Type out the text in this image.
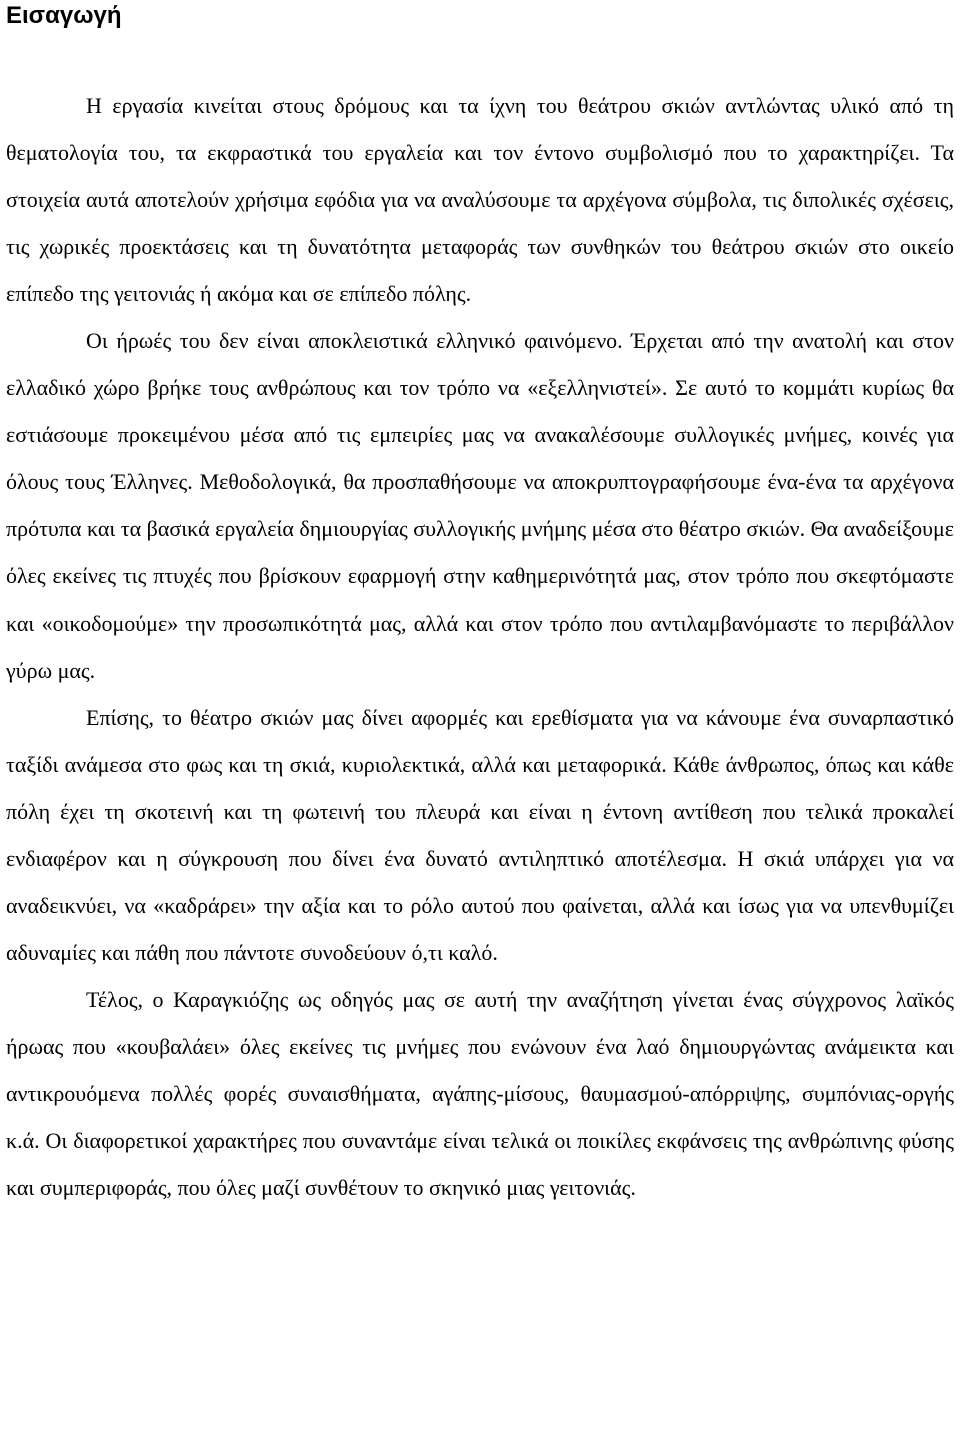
Εισαγωγή

Η εργασία κινείται στους δρόμους και τα ίχνη του θεάτρου σκιών αντλώντας υλικό από τη θεματολογία του, τα εκφραστικά του εργαλεία και τον έντονο συμβολισμό που το χαρακτηρίζει. Τα στοιχεία αυτά αποτελούν χρήσιμα εφόδια για να αναλύσουμε τα αρχέγονα σύμβολα, τις διπολικές σχέσεις, τις χωρικές προεκτάσεις και τη δυνατότητα μεταφοράς των συνθηκών του θεάτρου σκιών στο οικείο επίπεδο της γειτονιάς ή ακόμα και σε επίπεδο πόλης.

Οι ήρωές του δεν είναι αποκλειστικά ελληνικό φαινόμενο. Έρχεται από την ανατολή και στον ελλαδικό χώρο βρήκε τους ανθρώπους και τον τρόπο να «εξελληνιστεί». Σε αυτό το κομμάτι κυρίως θα εστιάσουμε προκειμένου μέσα από τις εμπειρίες μας να ανακαλέσουμε συλλογικές μνήμες, κοινές για όλους τους Έλληνες. Μεθοδολογικά, θα προσπαθήσουμε να αποκρυπτογραφήσουμε ένα-ένα τα αρχέγονα πρότυπα και τα βασικά εργαλεία δημιουργίας συλλογικής μνήμης μέσα στο θέατρο σκιών. Θα αναδείξουμε όλες εκείνες τις πτυχές που βρίσκουν εφαρμογή στην καθημερινότητά μας, στον τρόπο που σκεφτόμαστε και «οικοδομούμε» την προσωπικότητά μας, αλλά και στον τρόπο που αντιλαμβανόμαστε το περιβάλλον γύρω μας.

Επίσης, το θέατρο σκιών μας δίνει αφορμές και ερεθίσματα για να κάνουμε ένα συναρπαστικό ταξίδι ανάμεσα στο φως και τη σκιά, κυριολεκτικά, αλλά και μεταφορικά. Κάθε άνθρωπος, όπως και κάθε πόλη έχει τη σκοτεινή και τη φωτεινή του πλευρά και είναι η έντονη αντίθεση που τελικά προκαλεί ενδιαφέρον και η σύγκρουση που δίνει ένα δυνατό αντιληπτικό αποτέλεσμα. Η σκιά υπάρχει για να αναδεικνύει, να «καδράρει» την αξία και το ρόλο αυτού που φαίνεται, αλλά και ίσως για να υπενθυμίζει αδυναμίες και πάθη που πάντοτε συνοδεύουν ό,τι καλό.

Τέλος, ο Καραγκιόζης ως οδηγός μας σε αυτή την αναζήτηση γίνεται ένας σύγχρονος λαϊκός ήρωας που «κουβαλάει» όλες εκείνες τις μνήμες που ενώνουν ένα λαό δημιουργώντας ανάμεικτα και αντικρουόμενα πολλές φορές συναισθήματα, αγάπης-μίσους, θαυμασμού-απόρριψης, συμπόνιας-οργής κ.ά. Οι διαφορετικοί χαρακτήρες που συναντάμε είναι τελικά οι ποικίλες εκφάνσεις της ανθρώπινης φύσης και συμπεριφοράς, που όλες μαζί συνθέτουν το σκηνικό μιας γειτονιάς.
